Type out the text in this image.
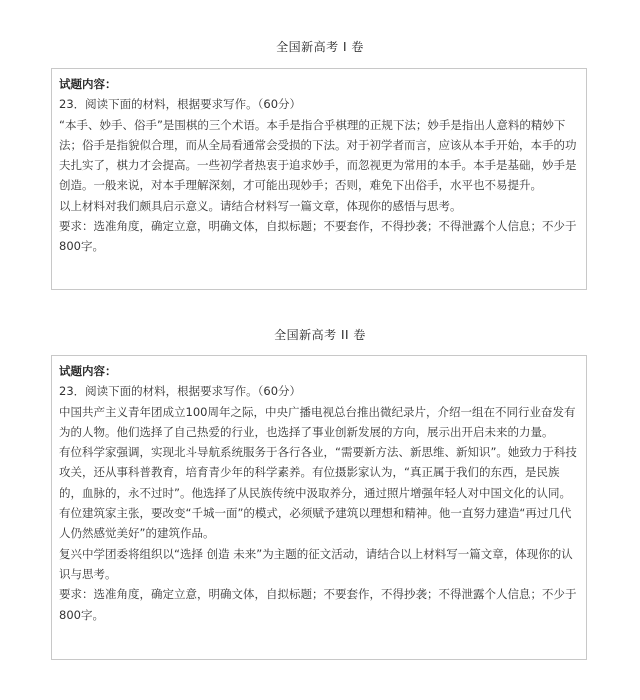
全国新高考 I 卷

试题内容：

23．阅读下面的材料，根据要求写作。（60分）

“本手、妙手、俗手”是围棋的三个术语。本手是指合乎棋理的正规下法；妙手是指出人意料的精妙下法；俗手是指貌似合理，而从全局看通常会受损的下法。对于初学者而言，应该从本手开始，本手的功夫扎实了，棋力才会提高。一些初学者热衷于追求妙手，而忽视更为常用的本手。本手是基础，妙手是创造。一般来说，对本手理解深刻，才可能出现妙手；否则，难免下出俗手，水平也不易提升。

以上材料对我们颇具启示意义。请结合材料写一篇文章，体现你的感悟与思考。

要求：选准角度，确定立意，明确文体，自拟标题；不要套作，不得抄袭；不得泄露个人信息；不少于800字。

全国新高考 II 卷

试题内容：

23．阅读下面的材料，根据要求写作。（60分）

中国共产主义青年团成立100周年之际，中央广播电视总台推出微纪录片，介绍一组在不同行业奋发有为的人物。他们选择了自己热爱的行业，也选择了事业创新发展的方向，展示出开启未来的力量。

有位科学家强调，实现北斗导航系统服务于各行各业，“需要新方法、新思维、新知识”。她致力于科技攻关，还从事科普教育，培育青少年的科学素养。有位摄影家认为，“真正属于我们的东西，是民族的，血脉的，永不过时”。他选择了从民族传统中汲取养分，通过照片增强年轻人对中国文化的认同。有位建筑家主张，要改变“千城一面”的模式，必须赋予建筑以理想和精神。他一直努力建造“再过几代人仍然感觉美好”的建筑作品。

复兴中学团委将组织以“选择 创造 未来”为主题的征文活动，请结合以上材料写一篇文章，体现你的认识与思考。

要求：选准角度，确定立意，明确文体，自拟标题；不要套作，不得抄袭；不得泄露个人信息；不少于800字。
